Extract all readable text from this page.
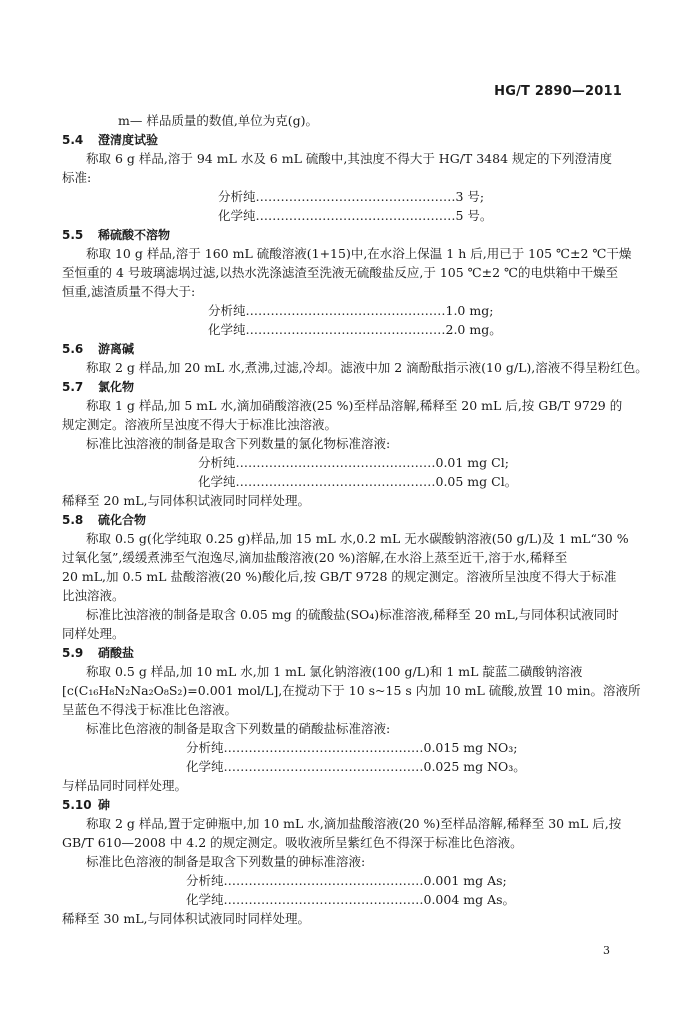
HG/T 2890—2011
m— 样品质量的数值,单位为克(g)。
5.4 澄清度试验
称取 6 g 样品,溶于 94 mL 水及 6 mL 硫酸中,其浊度不得大于 HG/T 3484 规定的下列澄清度
标准:
分析纯…………………………………………3 号;
化学纯…………………………………………5 号。
5.5 稀硫酸不溶物
称取 10 g 样品,溶于 160 mL 硫酸溶液(1+15)中,在水浴上保温 1 h 后,用已于 105 ℃±2 ℃干燥
至恒重的 4 号玻璃滤埚过滤,以热水洗涤滤渣至洗液无硫酸盐反应,于 105 ℃±2 ℃的电烘箱中干燥至
恒重,滤渣质量不得大于:
分析纯…………………………………………1.0 mg;
化学纯…………………………………………2.0 mg。
5.6 游离碱
称取 2 g 样品,加 20 mL 水,煮沸,过滤,冷却。滤液中加 2 滴酚酞指示液(10 g/L),溶液不得呈粉红色。
5.7 氯化物
称取 1 g 样品,加 5 mL 水,滴加硝酸溶液(25 %)至样品溶解,稀释至 20 mL 后,按 GB/T 9729 的
规定测定。溶液所呈浊度不得大于标准比浊溶液。
标准比浊溶液的制备是取含下列数量的氯化物标准溶液:
分析纯…………………………………………0.01 mg Cl;
化学纯…………………………………………0.05 mg Cl。
稀释至 20 mL,与同体积试液同时同样处理。
5.8 硫化合物
称取 0.5 g(化学纯取 0.25 g)样品,加 15 mL 水,0.2 mL 无水碳酸钠溶液(50 g/L)及 1 mL“30 %
过氧化氢”,缓缓煮沸至气泡逸尽,滴加盐酸溶液(20 %)溶解,在水浴上蒸至近干,溶于水,稀释至
20 mL,加 0.5 mL 盐酸溶液(20 %)酸化后,按 GB/T 9728 的规定测定。溶液所呈浊度不得大于标准
比浊溶液。
标准比浊溶液的制备是取含 0.05 mg 的硫酸盐(SO₄)标准溶液,稀释至 20 mL,与同体积试液同时
同样处理。
5.9 硝酸盐
称取 0.5 g 样品,加 10 mL 水,加 1 mL 氯化钠溶液(100 g/L)和 1 mL 靛蓝二磺酸钠溶液
[c(C₁₆H₈N₂Na₂O₈S₂)=0.001 mol/L],在搅动下于 10 s~15 s 内加 10 mL 硫酸,放置 10 min。溶液所
呈蓝色不得浅于标准比色溶液。
标准比色溶液的制备是取含下列数量的硝酸盐标准溶液:
分析纯…………………………………………0.015 mg NO₃;
化学纯…………………………………………0.025 mg NO₃。
与样品同时同样处理。
5.10 砷
称取 2 g 样品,置于定砷瓶中,加 10 mL 水,滴加盐酸溶液(20 %)至样品溶解,稀释至 30 mL 后,按
GB/T 610—2008 中 4.2 的规定测定。吸收液所呈紫红色不得深于标准比色溶液。
标准比色溶液的制备是取含下列数量的砷标准溶液:
分析纯…………………………………………0.001 mg As;
化学纯…………………………………………0.004 mg As。
稀释至 30 mL,与同体积试液同时同样处理。
3
